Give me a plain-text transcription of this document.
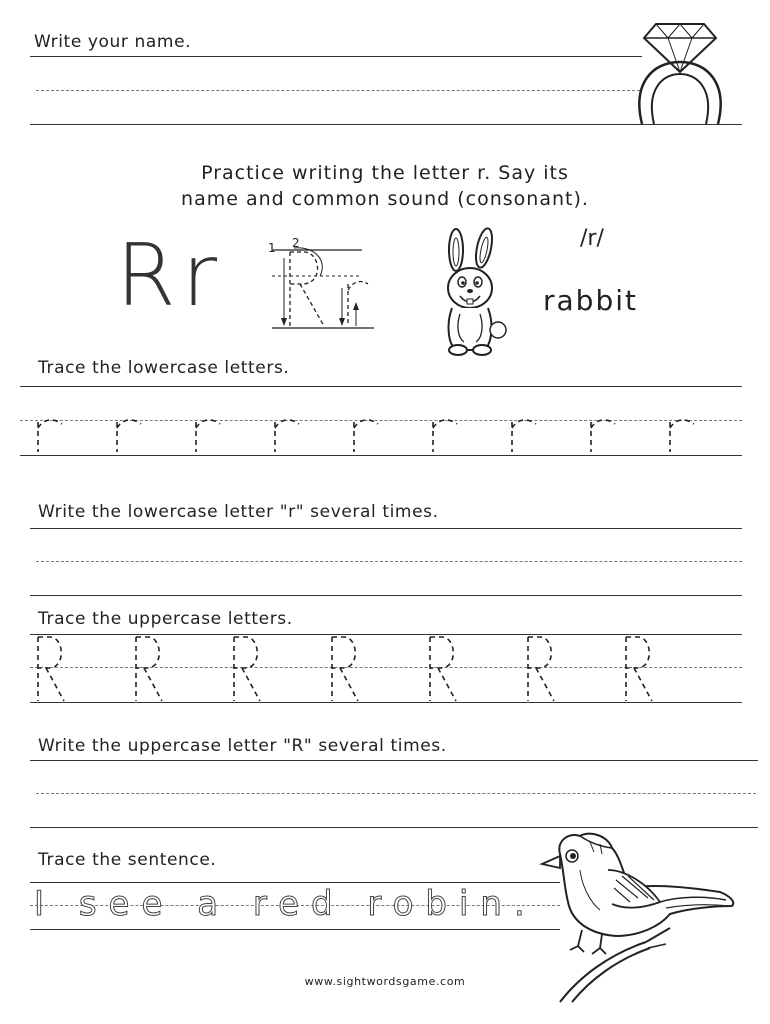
Write your name.
Practice writing the letter r. Say its
name and common sound (consonant).
Rr	1 2	/r/
rabbit
Trace the lowercase letters.
Write the lowercase letter "r" several times.
Trace the uppercase letters.
Write the uppercase letter "R" several times.
Trace the sentence.
I see a red robin.
www.sightwordsgame.com
